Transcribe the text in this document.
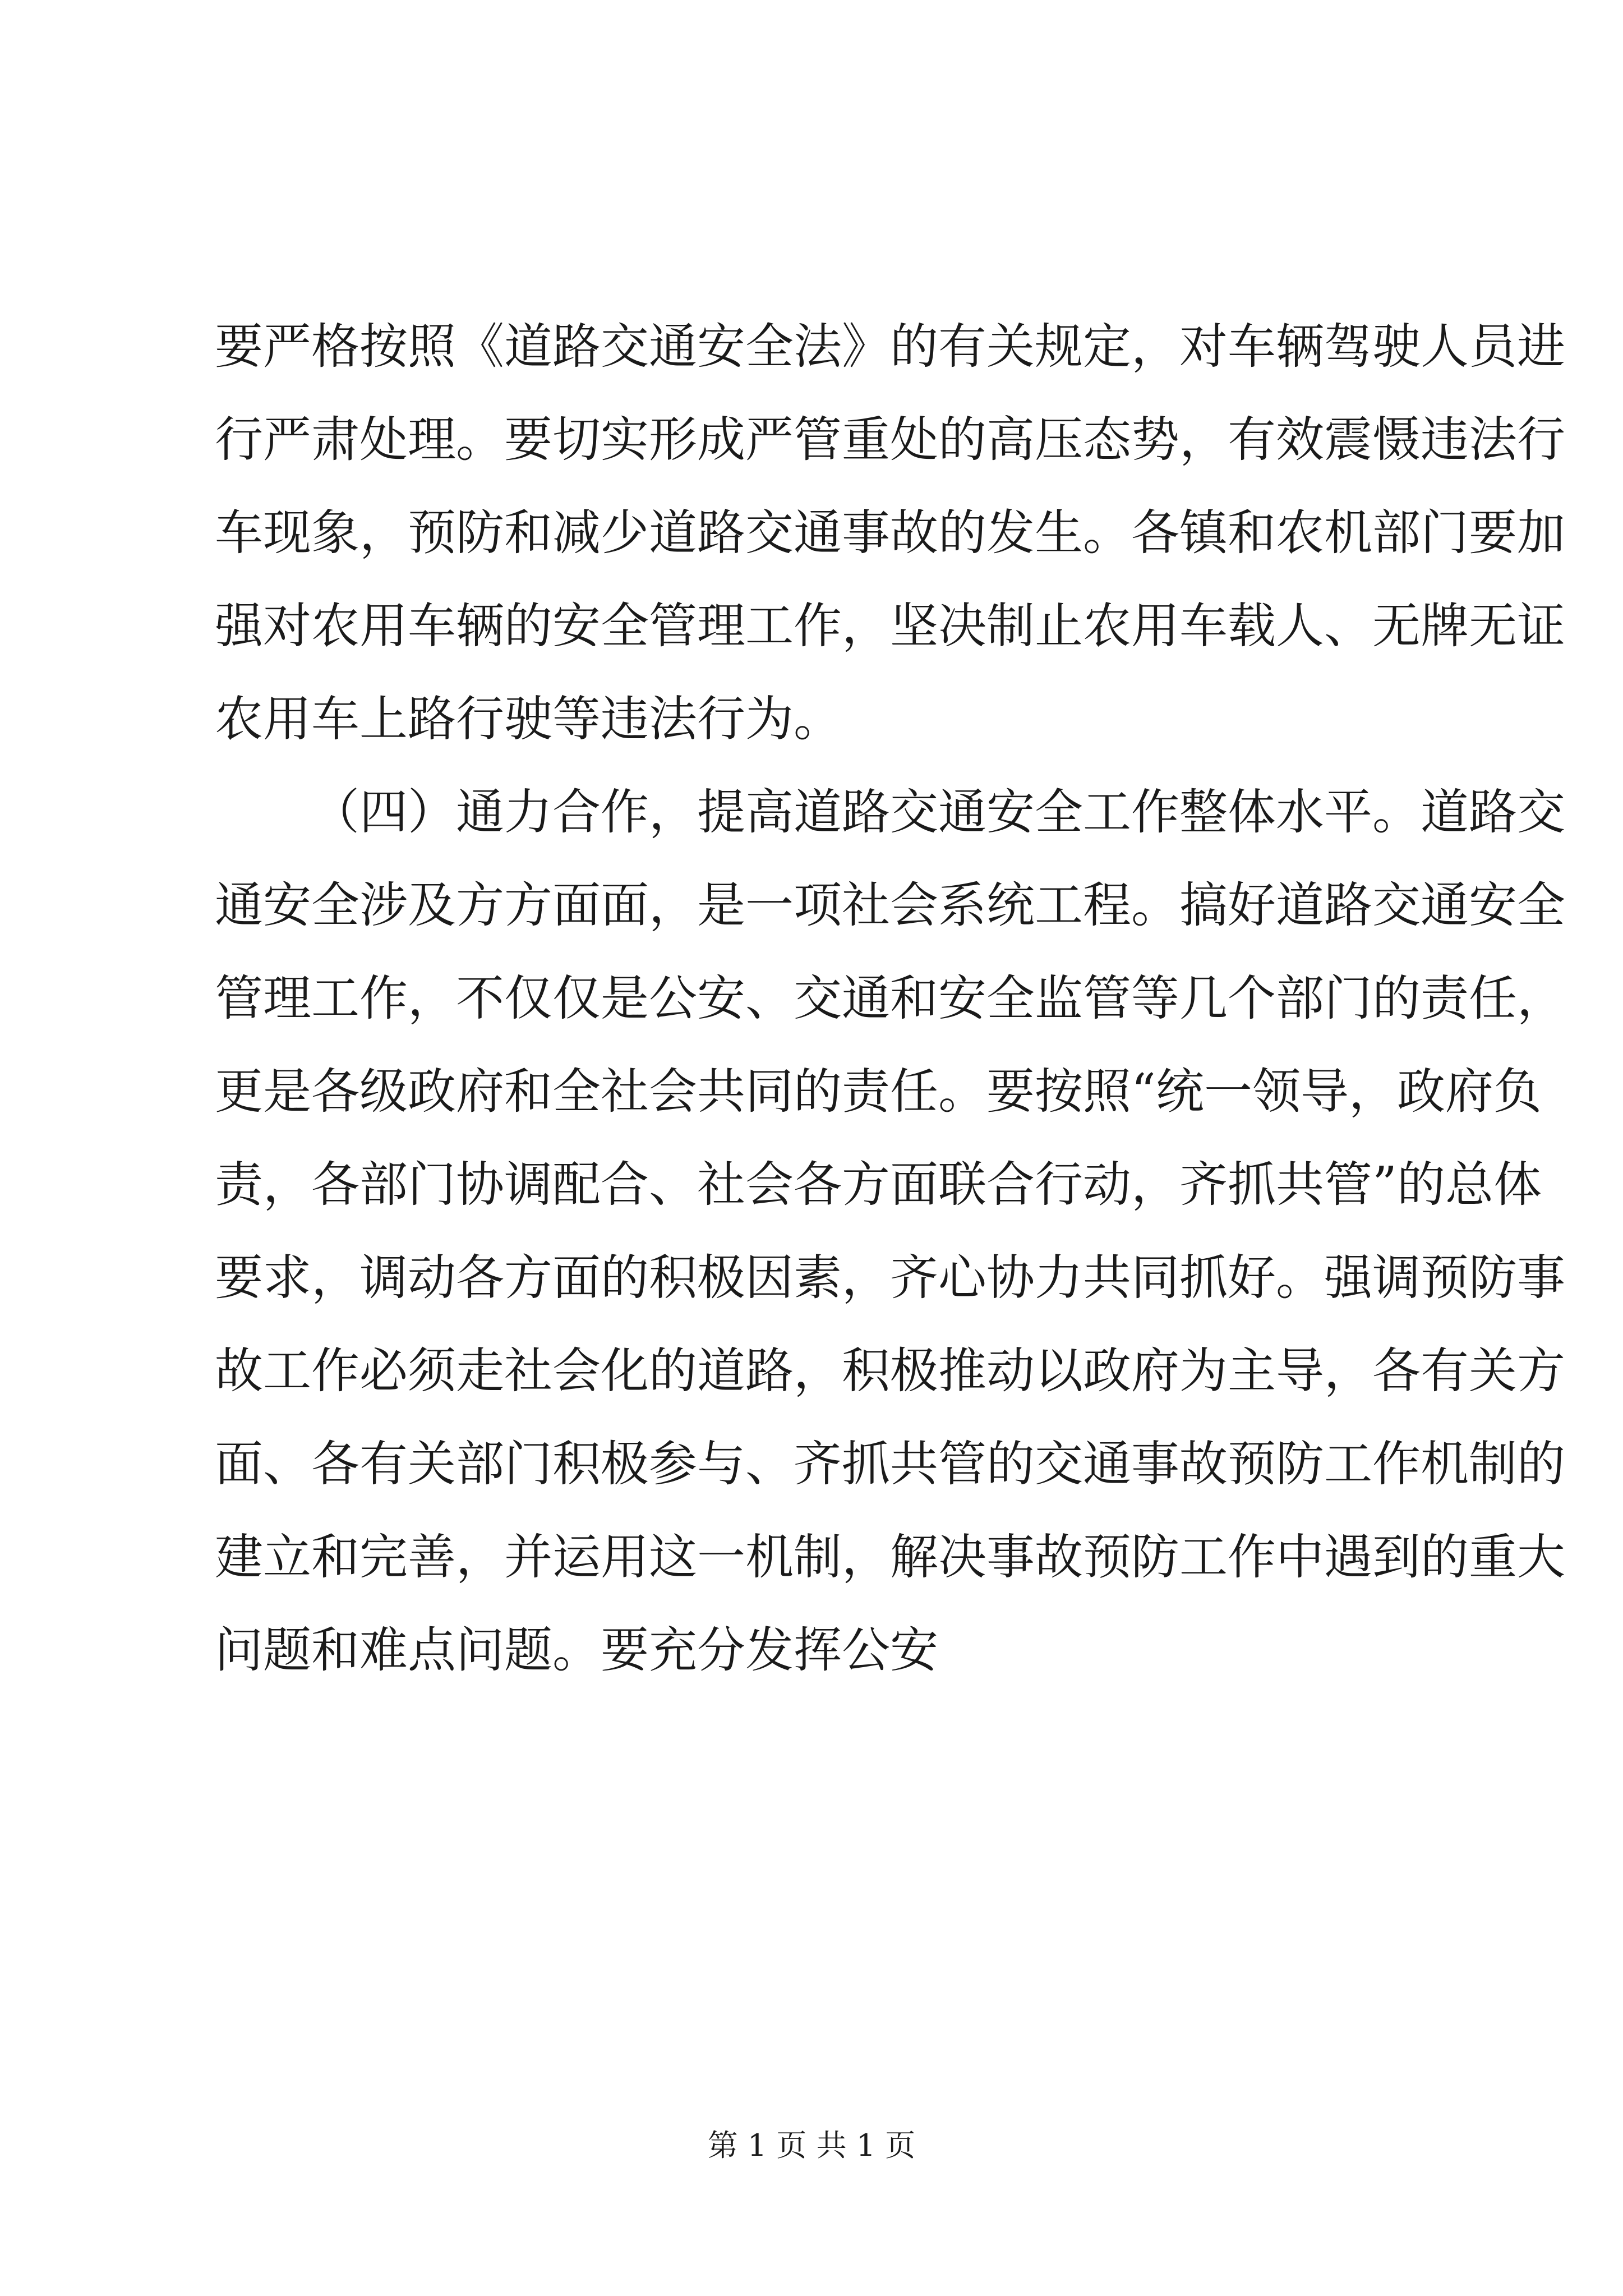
要严格按照《道路交通安全法》的有关规定，对车辆驾驶人员进
行严肃处理。要切实形成严管重处的高压态势，有效震慑违法行
车现象，预防和减少道路交通事故的发生。各镇和农机部门要加
强对农用车辆的安全管理工作，坚决制止农用车载人、无牌无证
农用车上路行驶等违法行为。
（四）通力合作，提高道路交通安全工作整体水平。道路交
通安全涉及方方面面，是一项社会系统工程。搞好道路交通安全
管理工作，不仅仅是公安、交通和安全监管等几个部门的责任，
更是各级政府和全社会共同的责任。要按照“统一领导，政府负
责，各部门协调配合、社会各方面联合行动，齐抓共管”的总体
要求，调动各方面的积极因素，齐心协力共同抓好。强调预防事
故工作必须走社会化的道路，积极推动以政府为主导，各有关方
面、各有关部门积极参与、齐抓共管的交通事故预防工作机制的
建立和完善，并运用这一机制，解决事故预防工作中遇到的重大
问题和难点问题。要充分发挥公安
第 1 页 共 1 页
